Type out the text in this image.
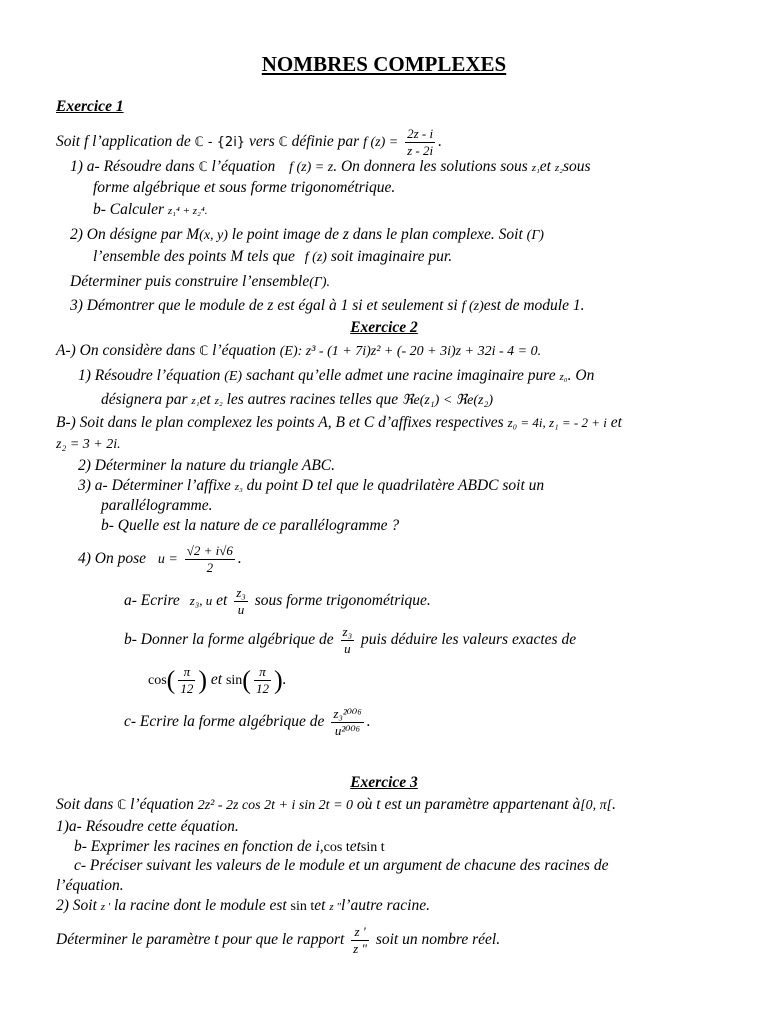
NOMBRES COMPLEXES
Exercice 1
Soit f l’application de ℂ - {2i} vers ℂ définie par f $(z) = \frac{2z - i}{z - 2i}$ .
1) a- Résoudre dans ℂ l’équation f (z) = z. On donnera les solutions sous z₁et z₂sous
forme algébrique et sous forme trigonométrique.
b- Calculer z₁⁴ + z₂⁴.
2) On désigne par M(x, y) le point image de z dans le plan complexe. Soit (Γ)
l’ensemble des points M tels que f (z) soit imaginaire pur.
Déterminer puis construire l’ensemble(Γ).
3) Démontrer que le module de z est égal à 1 si et seulement si f (z)est de module 1.
Exercice 2
A-) On considère dans ℂ l’équation (E): z³ - (1 + 7i)z² + (- 20 + 3i)z + 32i - 4 = 0.
1) Résoudre l’équation (E) sachant qu’elle admet une racine imaginaire pure z₀. On
désignera par z₁et z₂ les autres racines telles que ℜe(z₁) < ℜe(z₂)
B-) Soit dans le plan complexez les points A, B et C d’affixes respectives z₀ = 4i, z₁ = - 2 + i et
z₂ = 3 + 2i.
2) Déterminer la nature du triangle ABC.
3) a- Déterminer l’affixe z₃ du point D tel que le quadrilatère ABDC soit un
parallélogramme.
b- Quelle est la nature de ce parallélogramme ?
4) On pose $u = \frac{√2 + i√6}{2}$ .
a- Ecrire z₃, u et $\frac{\text{z₃}}{u}$ sous forme trigonométrique.
b- Donner la forme algébrique de $\frac{\text{z₃}}{u}$ puis déduire les valeurs exactes de
$\cos( \frac{\pi}{12}$ ) et $\sin( \frac{\pi}{12}$ ).
c- Ecrire la forme algébrique de $\frac{\text{z₃²⁰⁰⁶}}{\text{u²⁰⁰⁶}}$ .
Exercice 3
Soit dans ℂ l’équation 2z² - 2z cos 2t + i sin 2t = 0 où t est un paramètre appartenant à[0, π[.
1)a- Résoudre cette équation.
b- Exprimer les racines en fonction de i,cos tetsin t
c- Préciser suivant les valeurs de le module et un argument de chacune des racines de
l’équation.
2) Soit z ' la racine dont le module est sin tet z "l’autre racine.
Déterminer le paramètre t pour que le rapport $\frac{z '}{z "}$ soit un nombre réel.
